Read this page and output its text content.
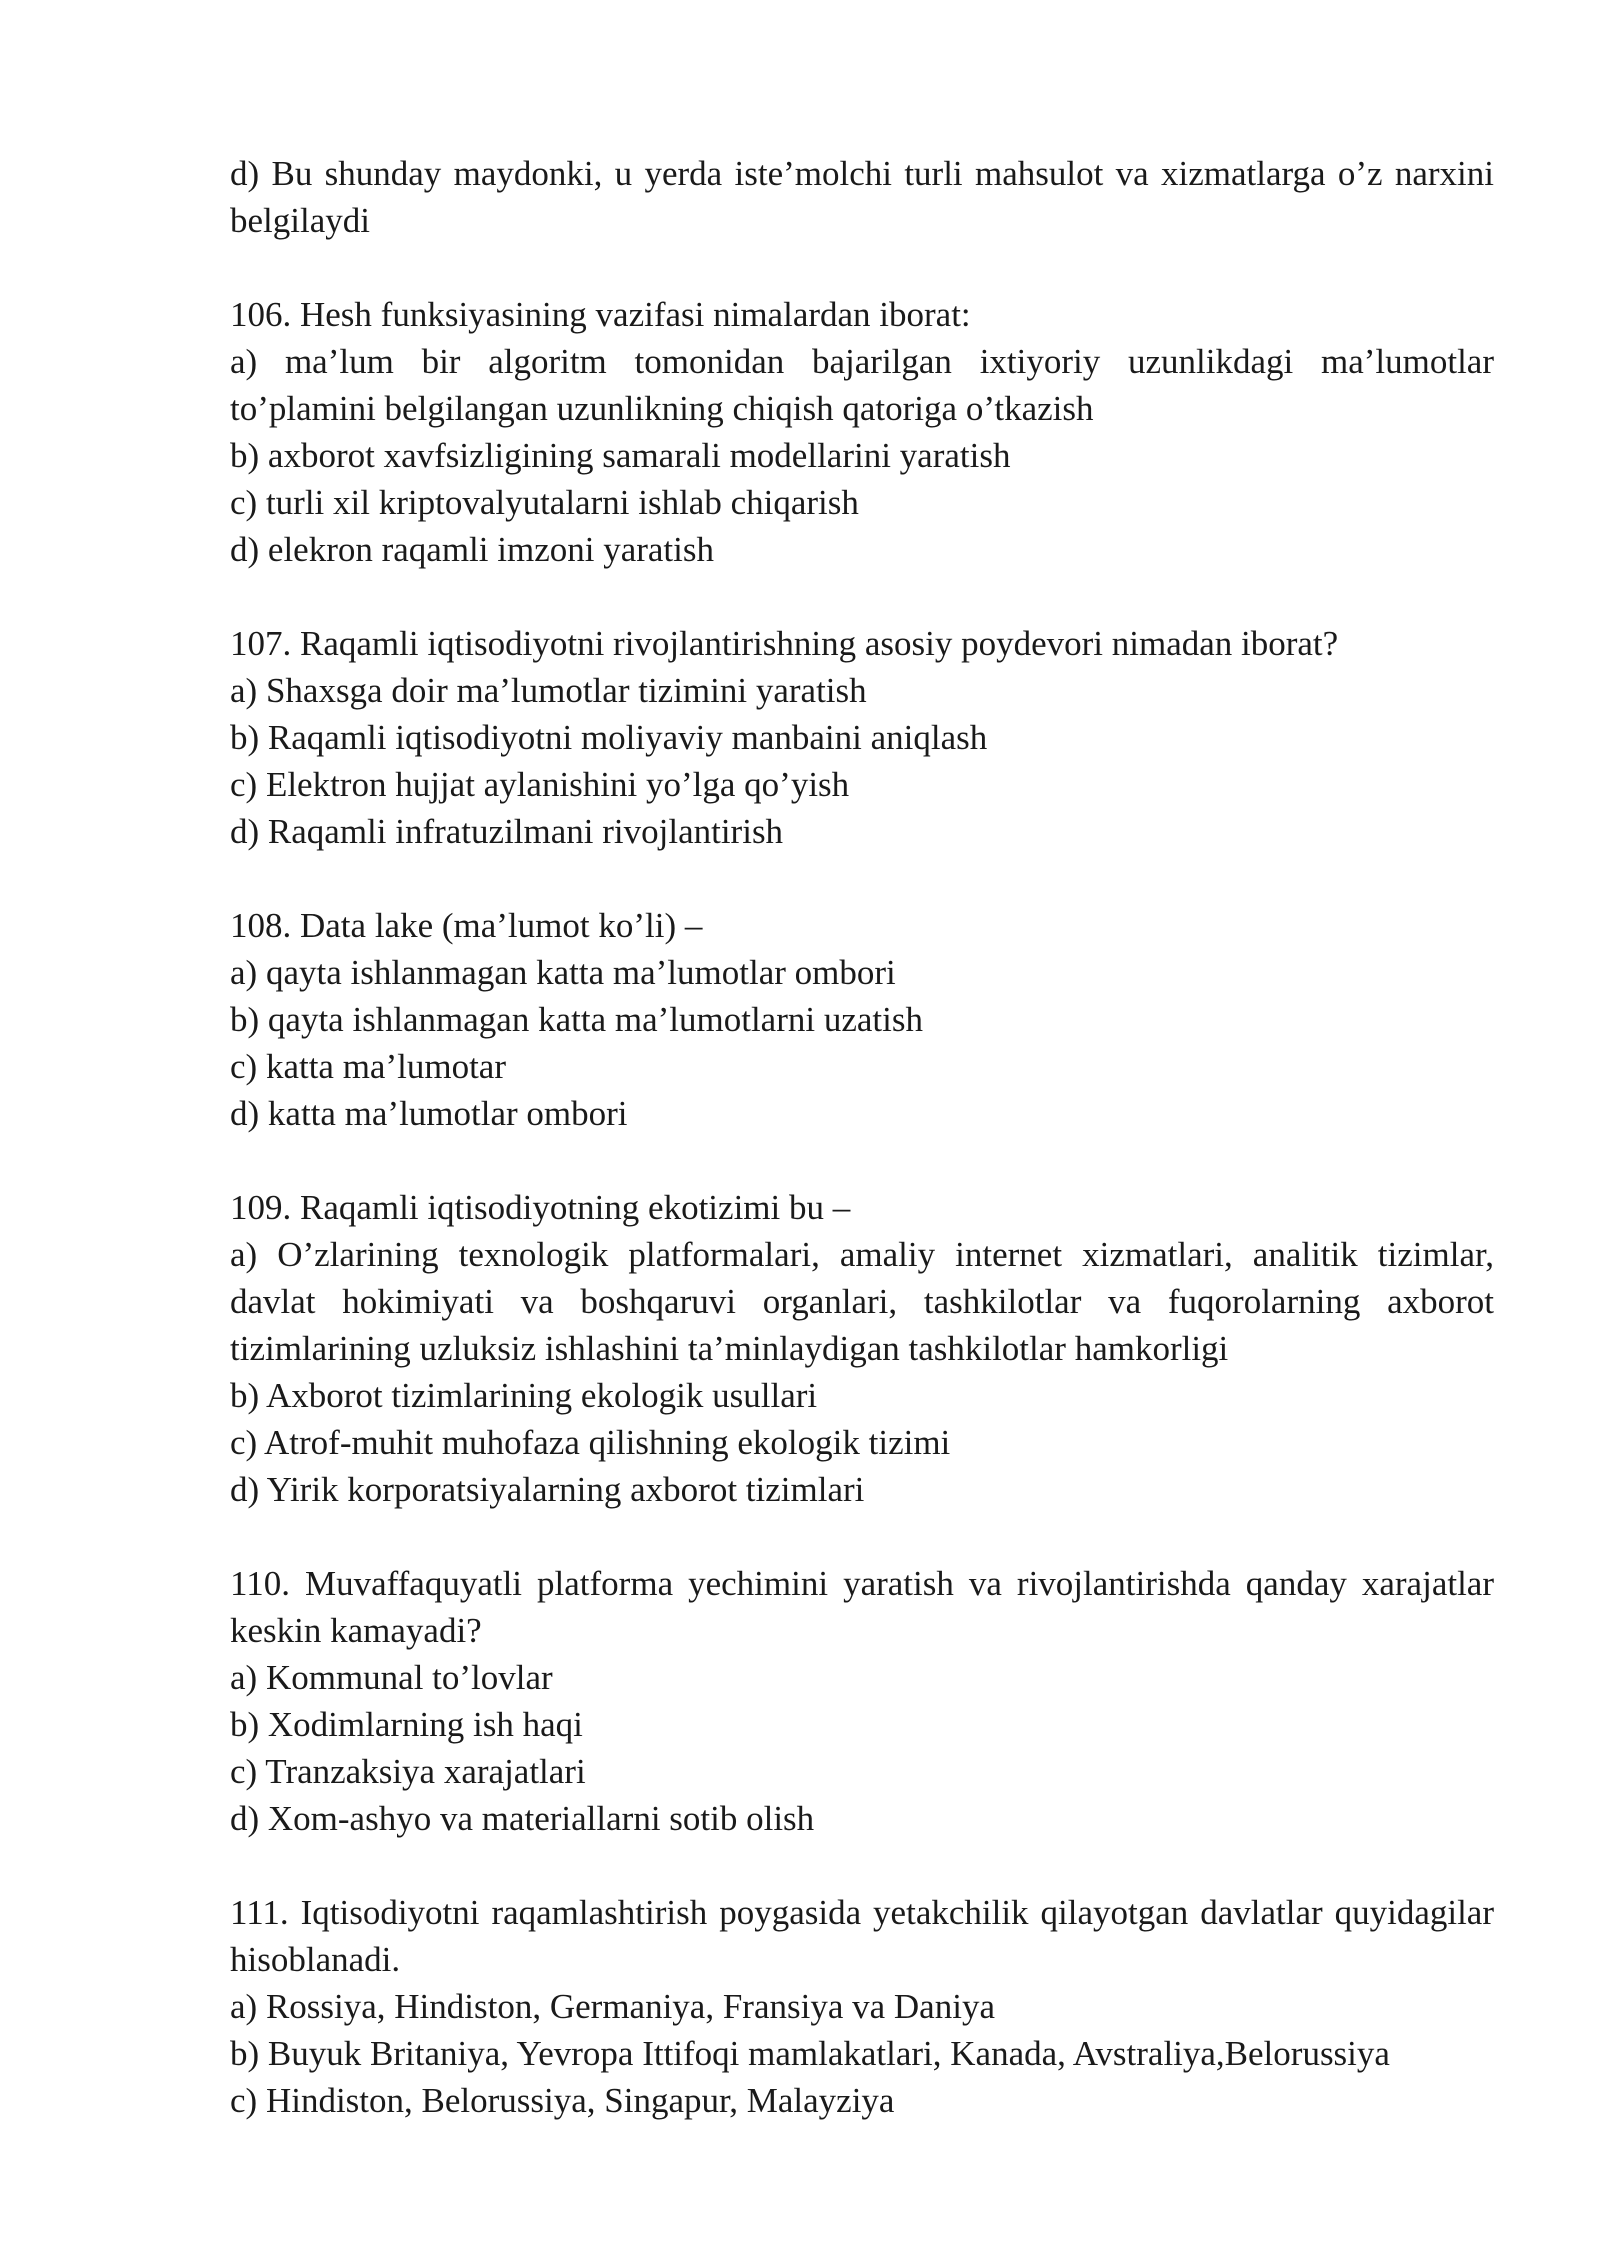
d) Bu shunday maydonki, u yerda iste’molchi turli mahsulot va xizmatlarga o’z narxini belgilaydi

106. Hesh funksiyasining vazifasi nimalardan iborat:

a) ma’lum bir algoritm tomonidan bajarilgan ixtiyoriy uzunlikdagi ma’lumotlar to’plamini belgilangan uzunlikning chiqish qatoriga o’tkazish

b) axborot xavfsizligining samarali modellarini yaratish

c) turli xil kriptovalyutalarni ishlab chiqarish

d) elekron raqamli imzoni yaratish

107. Raqamli iqtisodiyotni rivojlantirishning asosiy poydevori nimadan iborat?

a) Shaxsga doir ma’lumotlar tizimini yaratish

b) Raqamli iqtisodiyotni moliyaviy manbaini aniqlash

c) Elektron hujjat aylanishini yo’lga qo’yish

d) Raqamli infratuzilmani rivojlantirish

108. Data lake (ma’lumot ko’li) –

a) qayta ishlanmagan katta ma’lumotlar ombori

b) qayta ishlanmagan katta ma’lumotlarni uzatish

c) katta ma’lumotar

d) katta ma’lumotlar ombori

109. Raqamli iqtisodiyotning ekotizimi bu –

a) O’zlarining texnologik platformalari, amaliy internet xizmatlari, analitik tizimlar, davlat hokimiyati va boshqaruvi organlari, tashkilotlar va fuqorolarning axborot tizimlarining uzluksiz ishlashini ta’minlaydigan tashkilotlar hamkorligi

b) Axborot tizimlarining ekologik usullari

c) Atrof-muhit muhofaza qilishning ekologik tizimi

d) Yirik korporatsiyalarning axborot tizimlari

110. Muvaffaquyatli platforma yechimini yaratish va rivojlantirishda qanday xarajatlar keskin kamayadi?

a) Kommunal to’lovlar

b) Xodimlarning ish haqi

c) Tranzaksiya xarajatlari

d) Xom-ashyo va materiallarni sotib olish

111. Iqtisodiyotni raqamlashtirish poygasida yetakchilik qilayotgan davlatlar quyidagilar hisoblanadi.

a) Rossiya, Hindiston, Germaniya, Fransiya va Daniya

b) Buyuk Britaniya, Yevropa Ittifoqi mamlakatlari, Kanada, Avstraliya,Belorussiya

c) Hindiston, Belorussiya, Singapur, Malayziya
